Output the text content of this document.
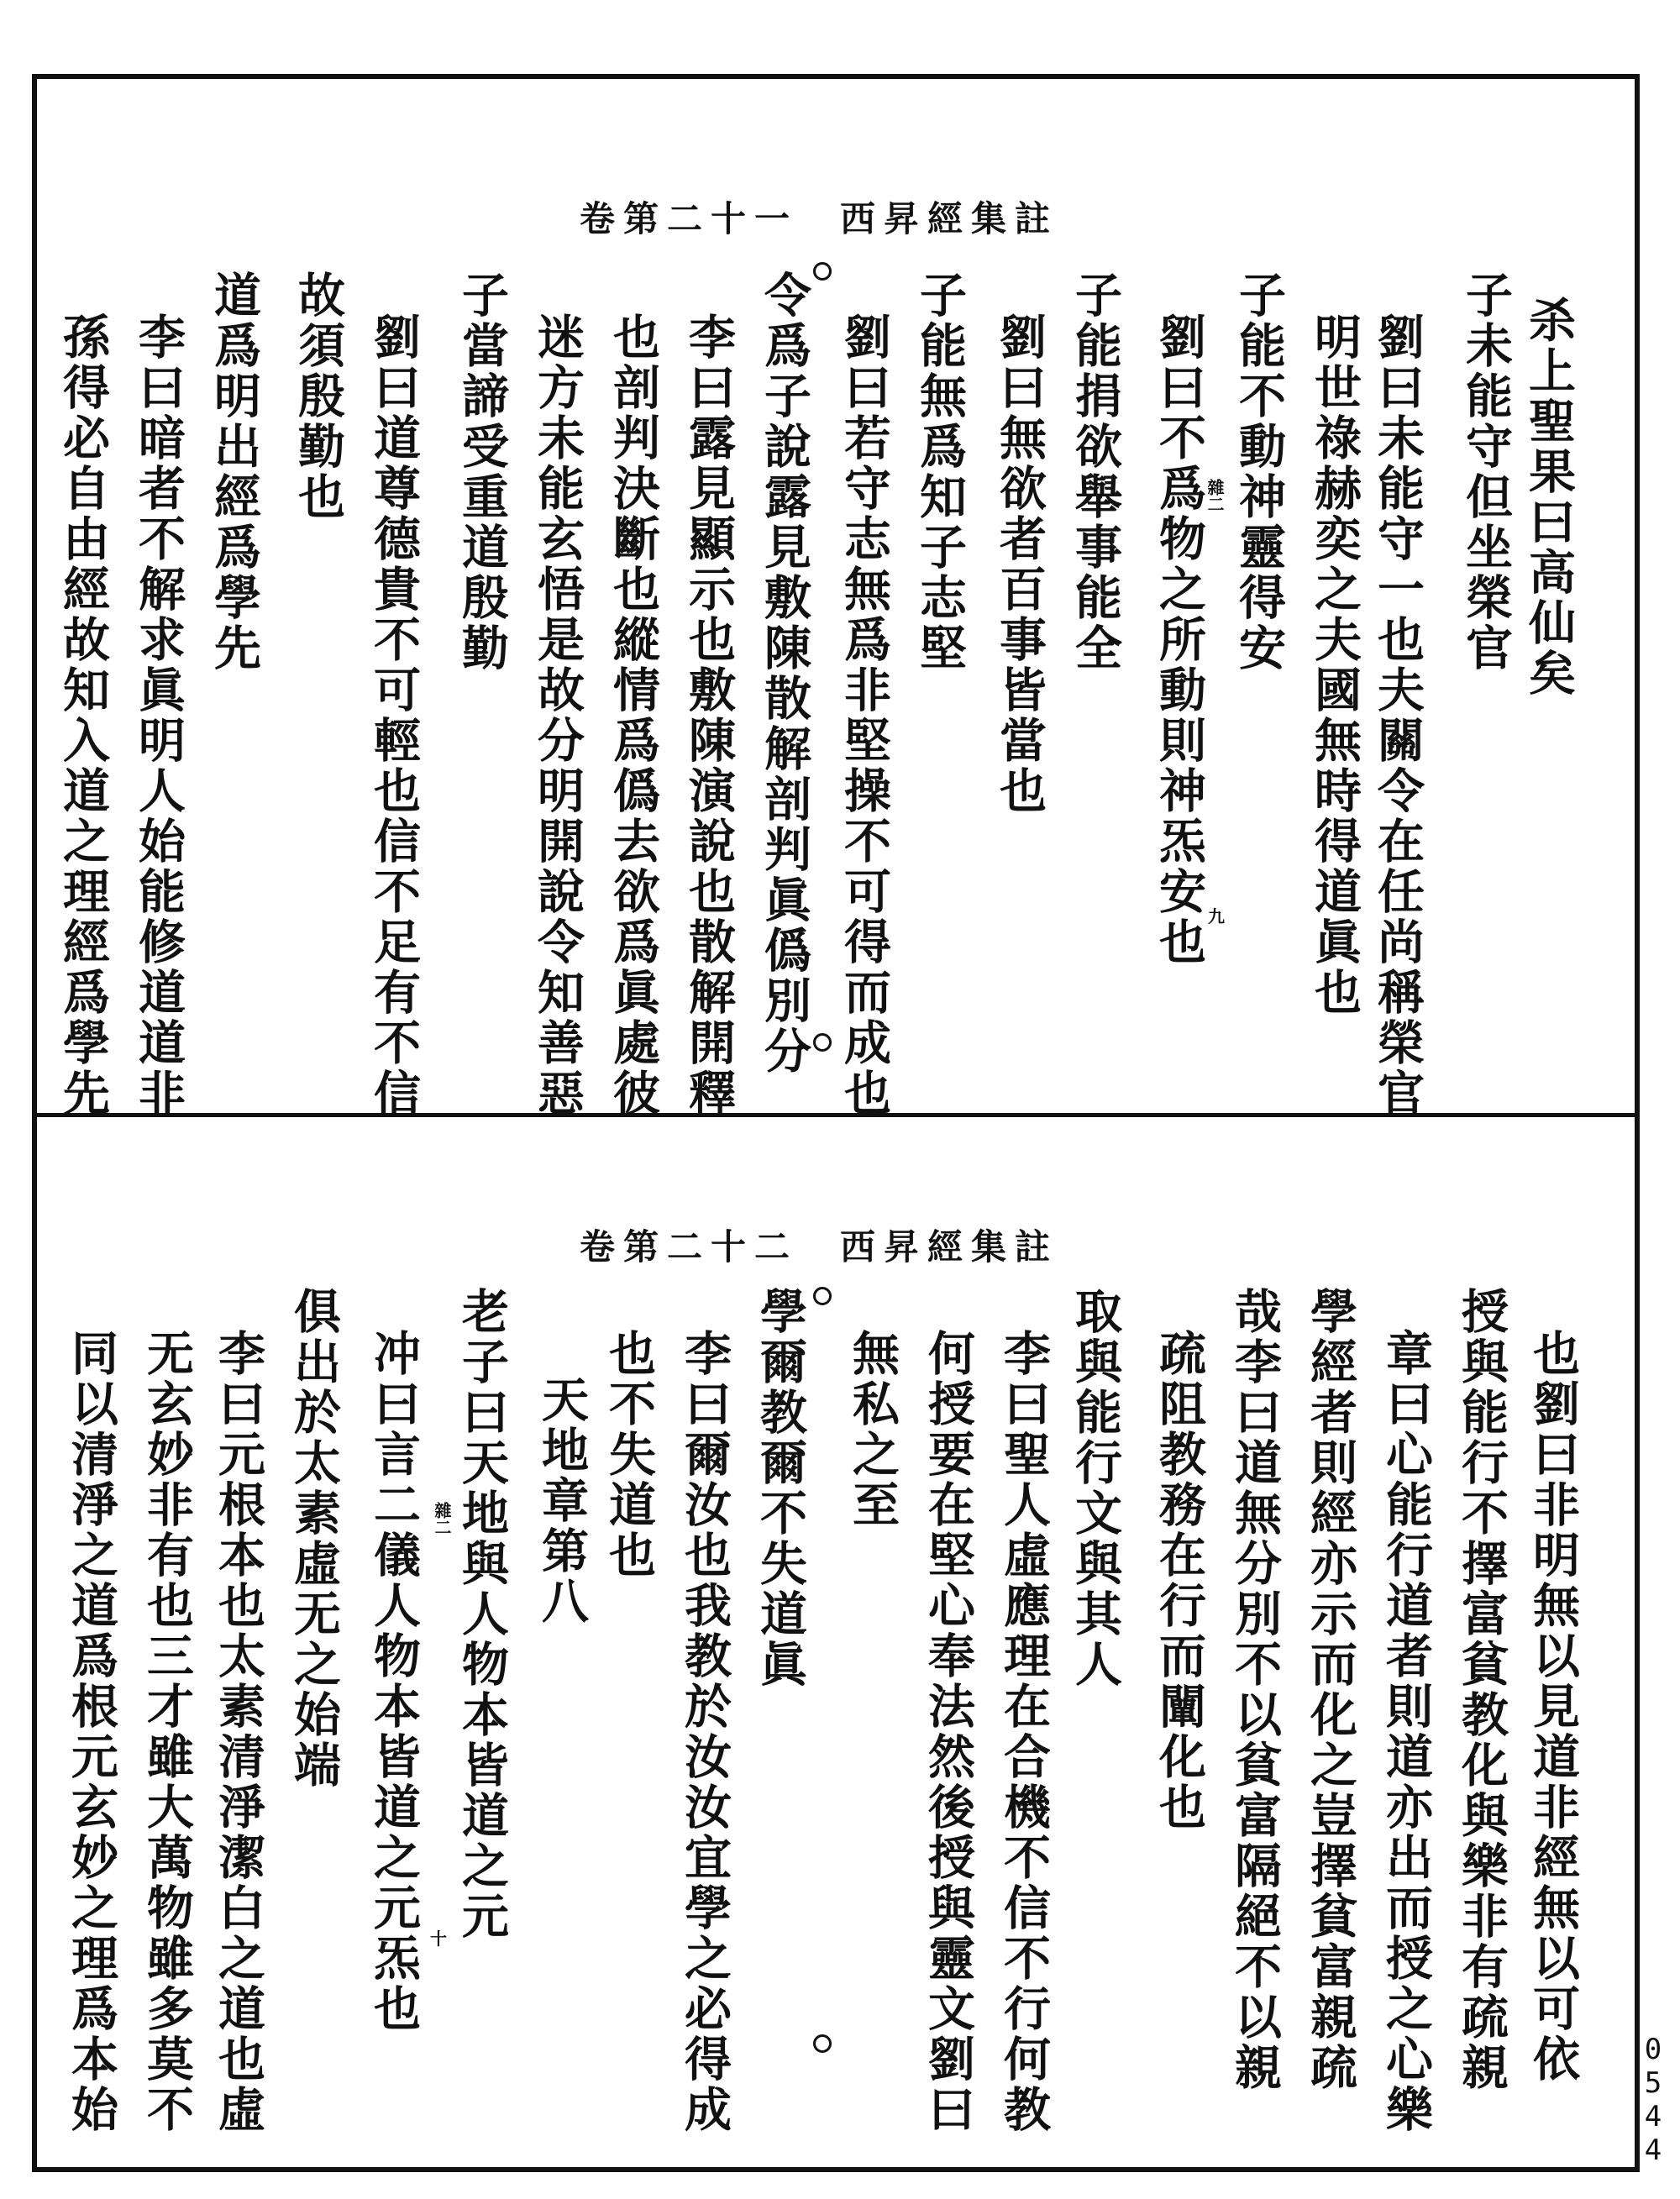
卷第二十一 西昇經集註
杀上聖果曰高仙矣
子未能守但坐榮官
劉曰未能守一也夫關令在任尚稱榮官
明世祿赫奕之夫國無時得道眞也
子能不動神靈得安
劉曰不爲物之所動則神炁安也
子能捐欲舉事能全
劉曰無欲者百事皆當也
子能無爲知子志堅
劉曰若守志無爲非堅操不可得而成也
令爲子說露見敷陳散解剖判眞僞別分
李曰露見顯示也敷陳演說也散解開釋
也剖判決斷也縱情爲僞去欲爲眞處彼
迷方未能玄悟是故分明開說令知善惡
子當諦受重道殷勤
劉曰道尊德貴不可輕也信不足有不信
故須殷勤也
道爲明出經爲學先
李曰暗者不解求眞明人始能修道道非
孫得必自由經故知入道之理經爲學先	雜二
九
卷第二十二 西昇經集註
也劉曰非明無以見道非經無以可依
授與能行不擇富貧教化與樂非有疏親
章曰心能行道者則道亦出而授之心樂
學經者則經亦示而化之豈擇貧富親疏
哉李曰道無分別不以貧富隔絕不以親
疏阻教務在行而闡化也
取與能行文與其人
李曰聖人虛應理在合機不信不行何教
何授要在堅心奉法然後授與靈文劉曰
無私之至
學爾教爾不失道眞
李曰爾汝也我教於汝汝宜學之必得成
也不失道也
天地章第八
老子曰天地與人物本皆道之元
冲曰言二儀人物本皆道之元炁也
俱出於太素虛无之始端
李曰元根本也太素清淨潔白之道也虛
无玄妙非有也三才雖大萬物雖多莫不
同以清淨之道爲根元玄妙之理爲本始	雜二
十
0
5
4
4
